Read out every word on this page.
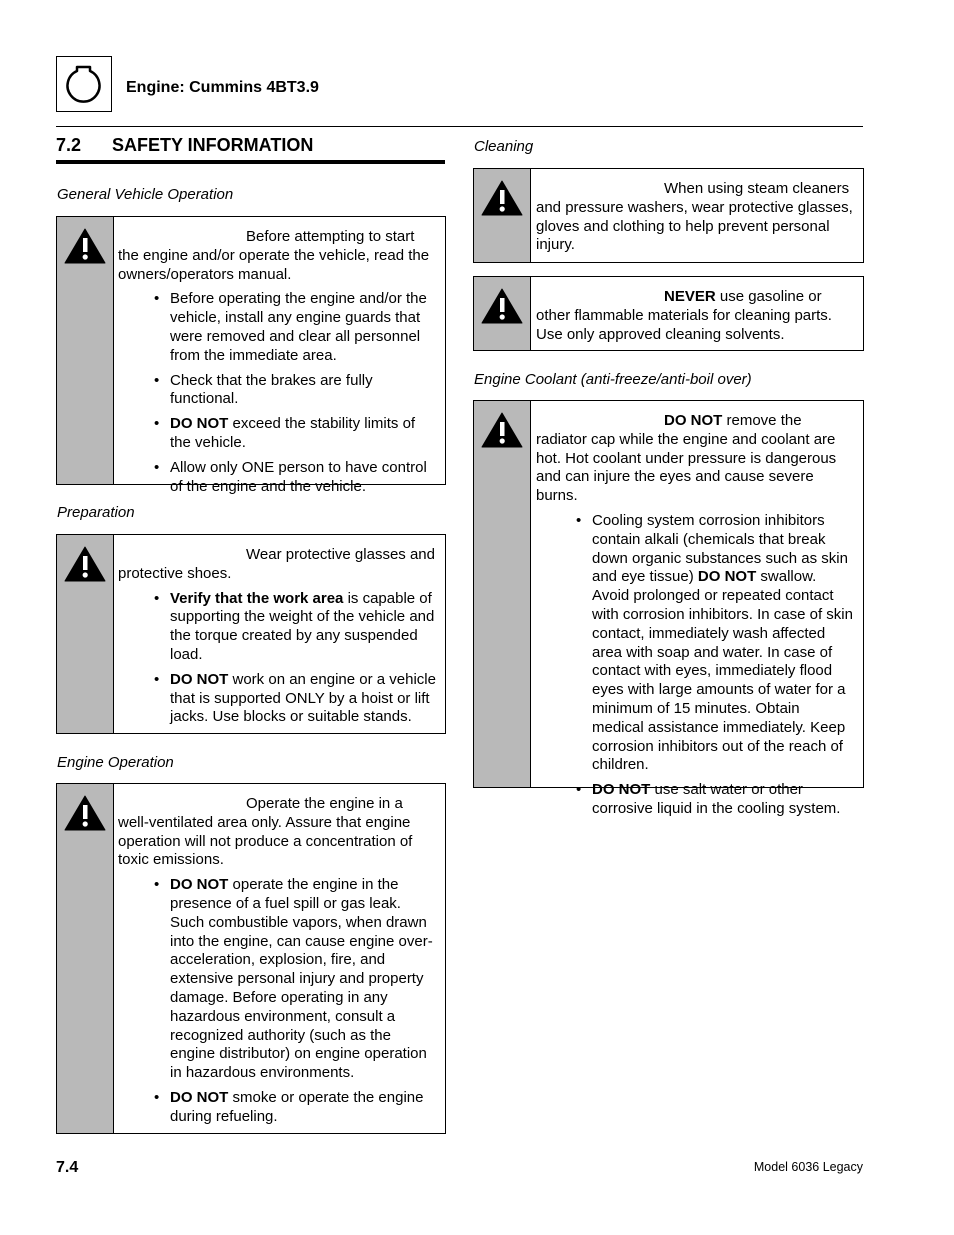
Engine: Cummins 4BT3.9
7.2 SAFETY INFORMATION
General Vehicle Operation

Before attempting to start the engine and/or operate the vehicle, read the owners/operators manual.

• Before operating the engine and/or the vehicle, install any engine guards that were removed and clear all personnel from the immediate area.
• Check that the brakes are fully functional.
• DO NOT exceed the stability limits of the vehicle.
• Allow only ONE person to have control of the engine and the vehicle.
Preparation

Wear protective glasses and protective shoes.

• Verify that the work area is capable of supporting the weight of the vehicle and the torque created by any suspended load.
• DO NOT work on an engine or a vehicle that is supported ONLY by a hoist or lift jacks. Use blocks or suitable stands.
Engine Operation

Operate the engine in a well-ventilated area only. Assure that engine operation will not produce a concentration of toxic emissions.

• DO NOT operate the engine in the presence of a fuel spill or gas leak. Such combustible vapors, when drawn into the engine, can cause engine over-acceleration, explosion, fire, and extensive personal injury and property damage. Before operating in any hazardous environment, consult a recognized authority (such as the engine distributor) on engine operation in hazardous environments.
• DO NOT smoke or operate the engine during refueling.
Cleaning

When using steam cleaners and pressure washers, wear protective glasses, gloves and clothing to help prevent personal injury.

NEVER use gasoline or other flammable materials for cleaning parts. Use only approved cleaning solvents.

Engine Coolant (anti-freeze/anti-boil over)

DO NOT remove the radiator cap while the engine and coolant are hot. Hot coolant under pressure is dangerous and can injure the eyes and cause severe burns.

• Cooling system corrosion inhibitors contain alkali (chemicals that break down organic substances such as skin and eye tissue) DO NOT swallow. Avoid prolonged or repeated contact with corrosion inhibitors. In case of skin contact, immediately wash affected area with soap and water. In case of contact with eyes, immediately flood eyes with large amounts of water for a minimum of 15 minutes. Obtain medical assistance immediately. Keep corrosion inhibitors out of the reach of children.
• DO NOT use salt water or other corrosive liquid in the cooling system.
7.4	Model 6036 Legacy
